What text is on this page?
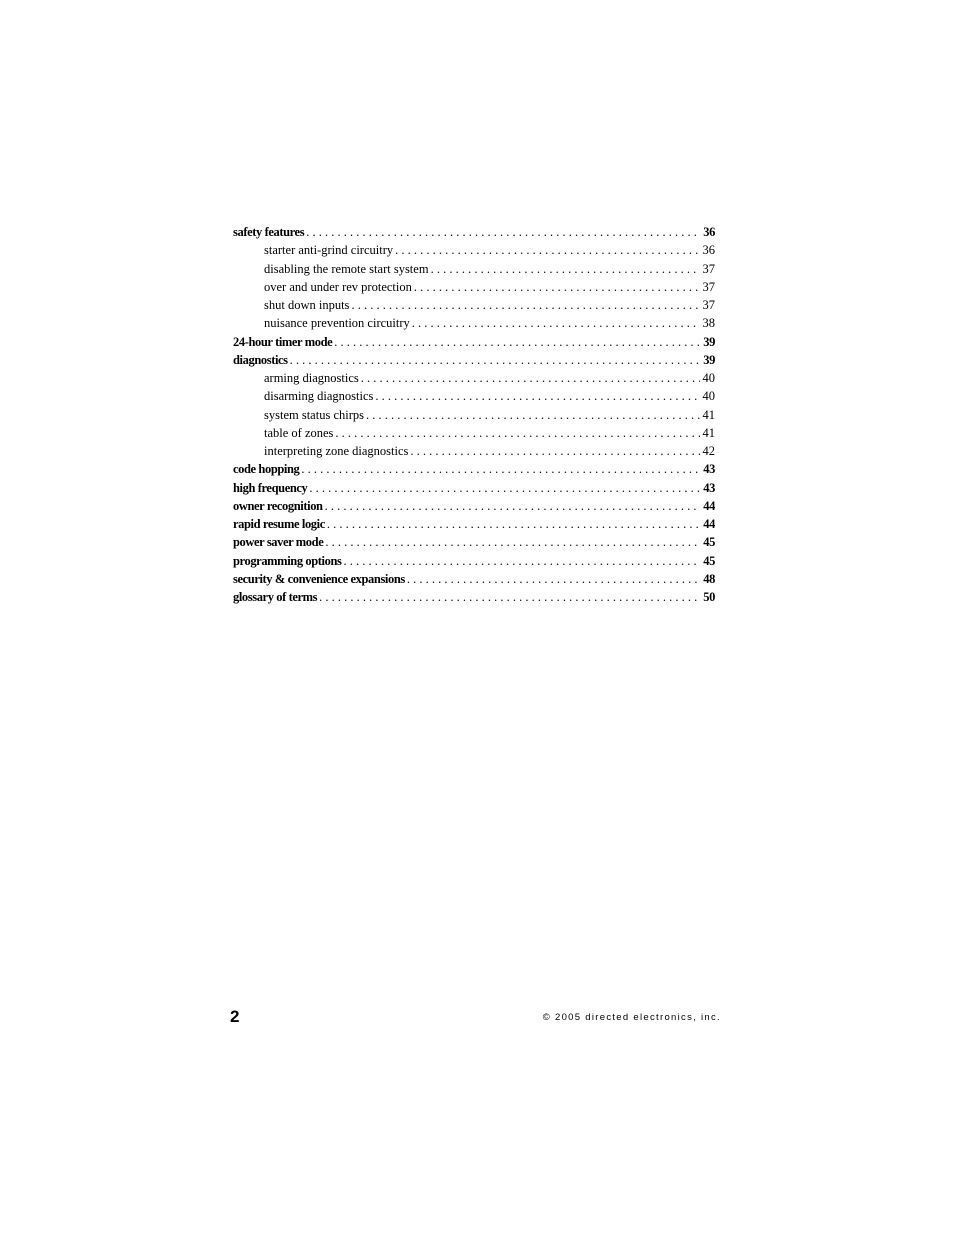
safety features . . .	36
starter anti-grind circuitry . . .	36
disabling the remote start system . . .	37
over and under rev protection . . .	37
shut down inputs . . .	37
nuisance prevention circuitry . . .	38
24-hour timer mode . . .	39
diagnostics . . .	39
arming diagnostics . . .	40
disarming diagnostics . . .	40
system status chirps . . .	41
table of zones . . .	41
interpreting zone diagnostics . . .	42
code hopping . . .	43
high frequency . . .	43
owner recognition . . .	44
rapid resume logic . . .	44
power saver mode . . .	45
programming options . . .	45
security & convenience expansions . . .	48
glossary of terms . . .	50
2	© 2005 directed electronics, inc.
